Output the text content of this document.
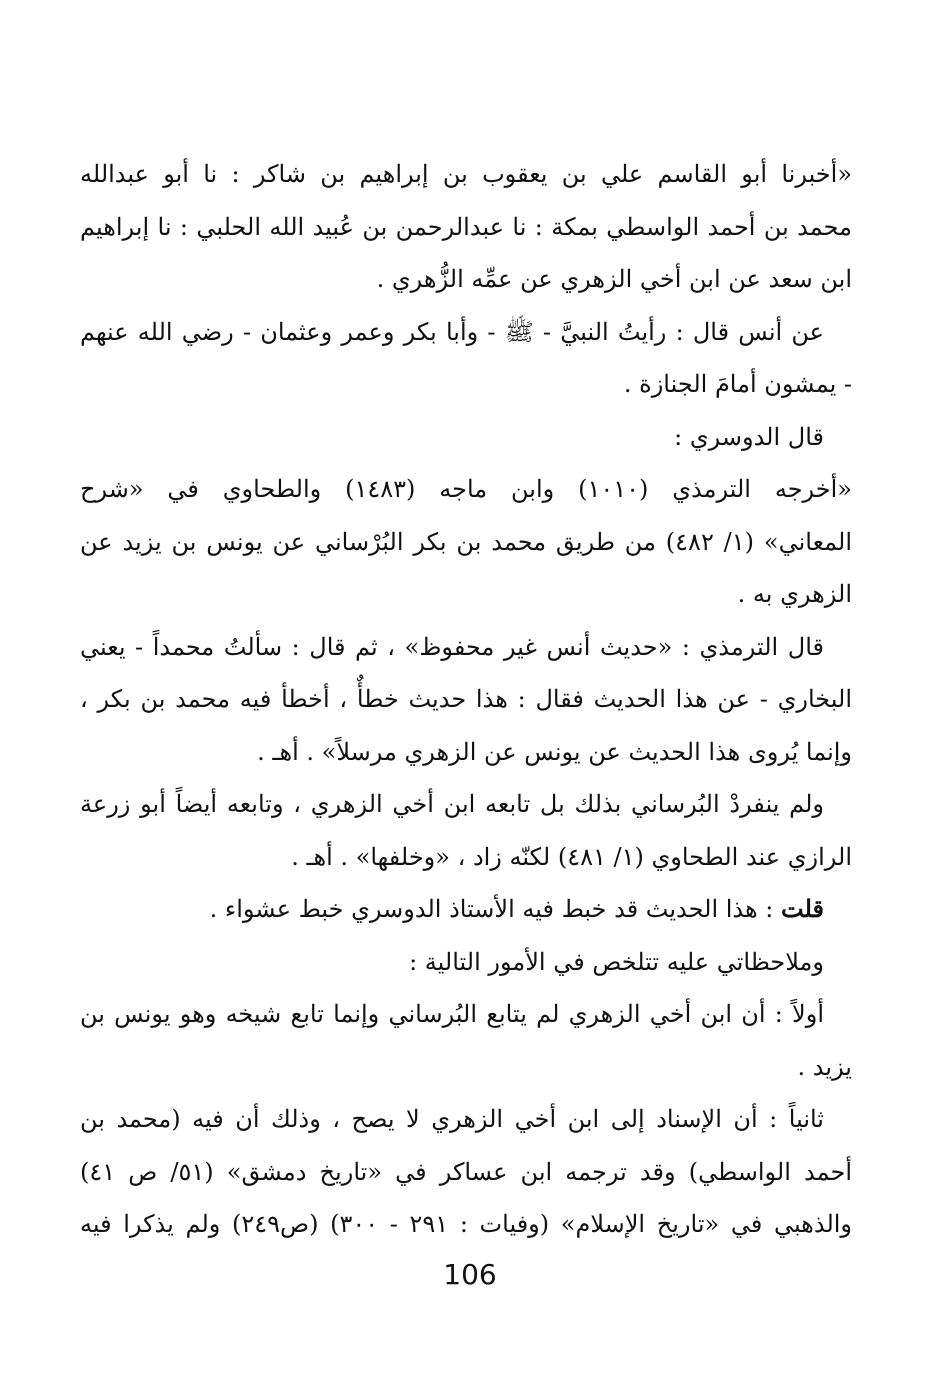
«أخبرنا أبو القاسم علي بن يعقوب بن إبراهيم بن شاكر : نا أبو عبدالله
محمد بن أحمد الواسطي بمكة : نا عبدالرحمن بن عُبيد الله الحلبي : نا إبراهيم
ابن سعد عن ابن أخي الزهري عن عمِّه الزُّهري .
عن أنس قال : رأيتُ النبيَّ - ﷺ - وأبا بكر وعمر وعثمان - رضي الله عنهم
- يمشون أمامَ الجنازة .
قال الدوسري :
«أخرجه الترمذي (١٠١٠) وابن ماجه (١٤٨٣) والطحاوي في «شرح
المعاني» (١/ ٤٨٢) من طريق محمد بن بكر البُرْساني عن يونس بن يزيد عن
الزهري به .
قال الترمذي : «حديث أنس غير محفوظ» ، ثم قال : سألتُ محمداً - يعني
البخاري - عن هذا الحديث فقال : هذا حديث خطأٌ ، أخطأ فيه محمد بن بكر ،
وإنما يُروى هذا الحديث عن يونس عن الزهري مرسلاً» . أهـ .
ولم ينفردْ البُرساني بذلك بل تابعه ابن أخي الزهري ، وتابعه أيضاً أبو زرعة
الرازي عند الطحاوي (١/ ٤٨١) لكنّه زاد ، «وخلفها» . أهـ .
قلت : هذا الحديث قد خبط فيه الأستاذ الدوسري خبط عشواء .
وملاحظاتي عليه تتلخص في الأمور التالية :
أولاً : أن ابن أخي الزهري لم يتابع البُرساني وإنما تابع شيخه وهو يونس بن
يزيد .
ثانياً : أن الإسناد إلى ابن أخي الزهري لا يصح ، وذلك أن فيه (محمد بن
أحمد الواسطي) وقد ترجمه ابن عساكر في «تاريخ دمشق» (٥١/ ص ٤١)
والذهبي في «تاريخ الإسلام» (وفيات : ٢٩١ - ٣٠٠) (ص٢٤٩) ولم يذكرا فيه
106
